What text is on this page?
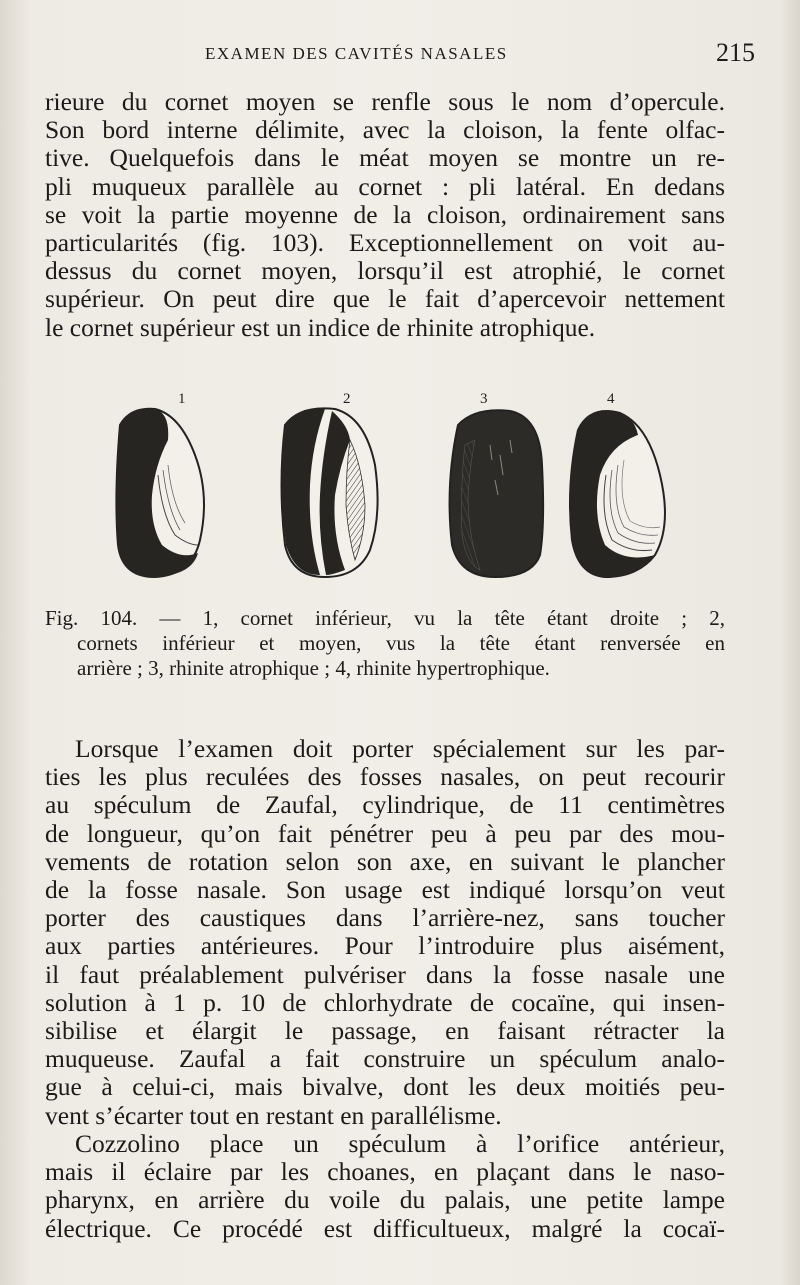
EXAMEN DES CAVITÉS NASALES	215
rieure du cornet moyen se renfle sous le nom d’opercule.
Son bord interne délimite, avec la cloison, la fente olfac-
tive. Quelquefois dans le méat moyen se montre un re-
pli muqueux parallèle au cornet : pli latéral. En dedans
se voit la partie moyenne de la cloison, ordinairement sans
particularités (fig. 103). Exceptionnellement on voit au-
dessus du cornet moyen, lorsqu’il est atrophié, le cornet
supérieur. On peut dire que le fait d’apercevoir nettement
le cornet supérieur est un indice de rhinite atrophique.
1	2	3	4
Fig. 104. — 1, cornet inférieur, vu la tête étant droite ; 2,
cornets inférieur et moyen, vus la tête étant renversée en
arrière ; 3, rhinite atrophique ; 4, rhinite hypertrophique.
Lorsque l’examen doit porter spécialement sur les par-
ties les plus reculées des fosses nasales, on peut recourir
au spéculum de Zaufal, cylindrique, de 11 centimètres
de longueur, qu’on fait pénétrer peu à peu par des mou-
vements de rotation selon son axe, en suivant le plancher
de la fosse nasale. Son usage est indiqué lorsqu’on veut
porter des caustiques dans l’arrière-nez, sans toucher
aux parties antérieures. Pour l’introduire plus aisément,
il faut préalablement pulvériser dans la fosse nasale une
solution à 1 p. 10 de chlorhydrate de cocaïne, qui insen-
sibilise et élargit le passage, en faisant rétracter la
muqueuse. Zaufal a fait construire un spéculum analo-
gue à celui-ci, mais bivalve, dont les deux moitiés peu-
vent s’écarter tout en restant en parallélisme.
Cozzolino place un spéculum à l’orifice antérieur,
mais il éclaire par les choanes, en plaçant dans le naso-
pharynx, en arrière du voile du palais, une petite lampe
électrique. Ce procédé est difficultueux, malgré la cocaï-
